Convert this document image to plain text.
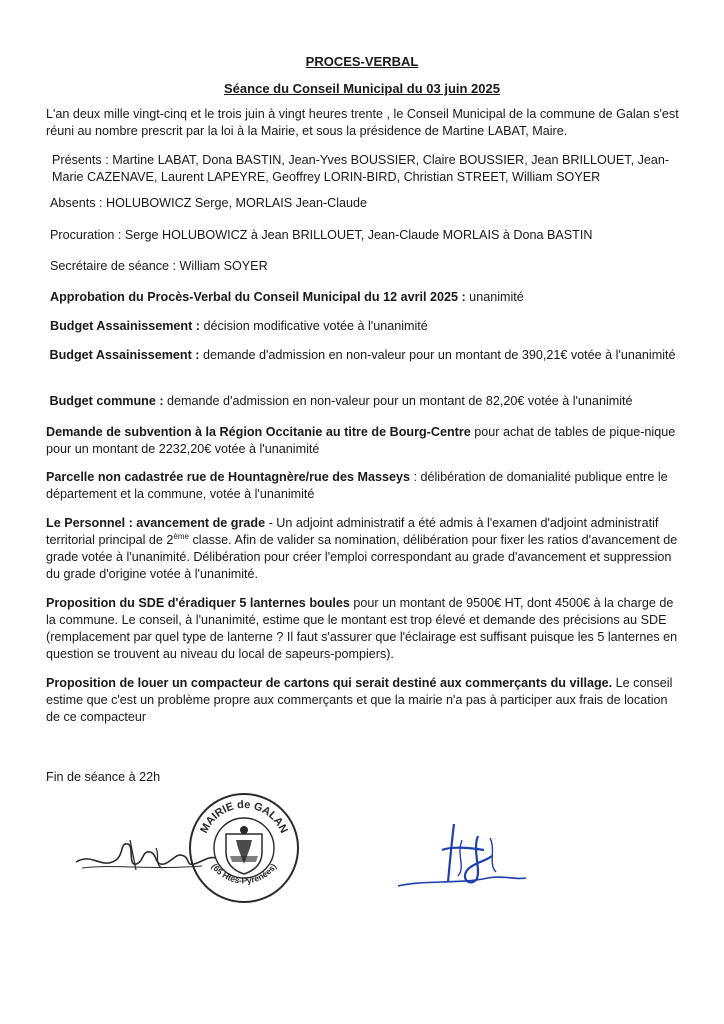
PROCES-VERBAL
Séance du Conseil Municipal du 03 juin 2025

L'an deux mille vingt-cinq et le trois juin à vingt heures trente , le Conseil Municipal de la commune de Galan s'est réuni au nombre prescrit par la loi à la Mairie, et sous la présidence de Martine LABAT, Maire.

Présents : Martine LABAT, Dona BASTIN, Jean-Yves BOUSSIER, Claire BOUSSIER, Jean BRILLOUET, Jean-Marie CAZENAVE, Laurent LAPEYRE, Geoffrey LORIN-BIRD, Christian STREET, William SOYER

Absents : HOLUBOWICZ Serge, MORLAIS Jean-Claude

Procuration : Serge HOLUBOWICZ à Jean BRILLOUET, Jean-Claude MORLAIS à Dona BASTIN

Secrétaire de séance : William SOYER

Approbation du Procès-Verbal du Conseil Municipal du 12 avril 2025 : unanimité

Budget Assainissement : décision modificative votée à l'unanimité

Budget Assainissement : demande d'admission en non-valeur pour un montant de 390,21€ votée à l'unanimité

Budget commune : demande d'admission en non-valeur pour un montant de 82,20€ votée à l'unanimité

Demande de subvention à la Région Occitanie au titre de Bourg-Centre pour achat de tables de pique-nique pour un montant de 2232,20€ votée à l'unanimité

Parcelle non cadastrée rue de Hountagnère/rue des Masseys : délibération de domanialité publique entre le département et la commune, votée à l'unanimité

Le Personnel : avancement de grade - Un adjoint administratif a été admis à l'examen d'adjoint administratif territorial principal de 2ème classe. Afin de valider sa nomination, délibération pour fixer les ratios d'avancement de grade votée à l'unanimité. Délibération pour créer l'emploi correspondant au grade d'avancement et suppression du grade d'origine votée à l'unanimité.

Proposition du SDE d'éradiquer 5 lanternes boules pour un montant de 9500€ HT, dont 4500€ à la charge de la commune. Le conseil, à l'unanimité, estime que le montant est trop élevé et demande des précisions au SDE (remplacement par quel type de lanterne ? Il faut s'assurer que l'éclairage est suffisant puisque les 5 lanternes en question se trouvent au niveau du local de sapeurs-pompiers).

Proposition de louer un compacteur de cartons qui serait destiné aux commerçants du village. Le conseil estime que c'est un problème propre aux commerçants et que la mairie n'a pas à participer aux frais de location de ce compacteur

Fin de séance à 22h

MAIRIE de GALAN
(65 Htes-Pyrénées)
